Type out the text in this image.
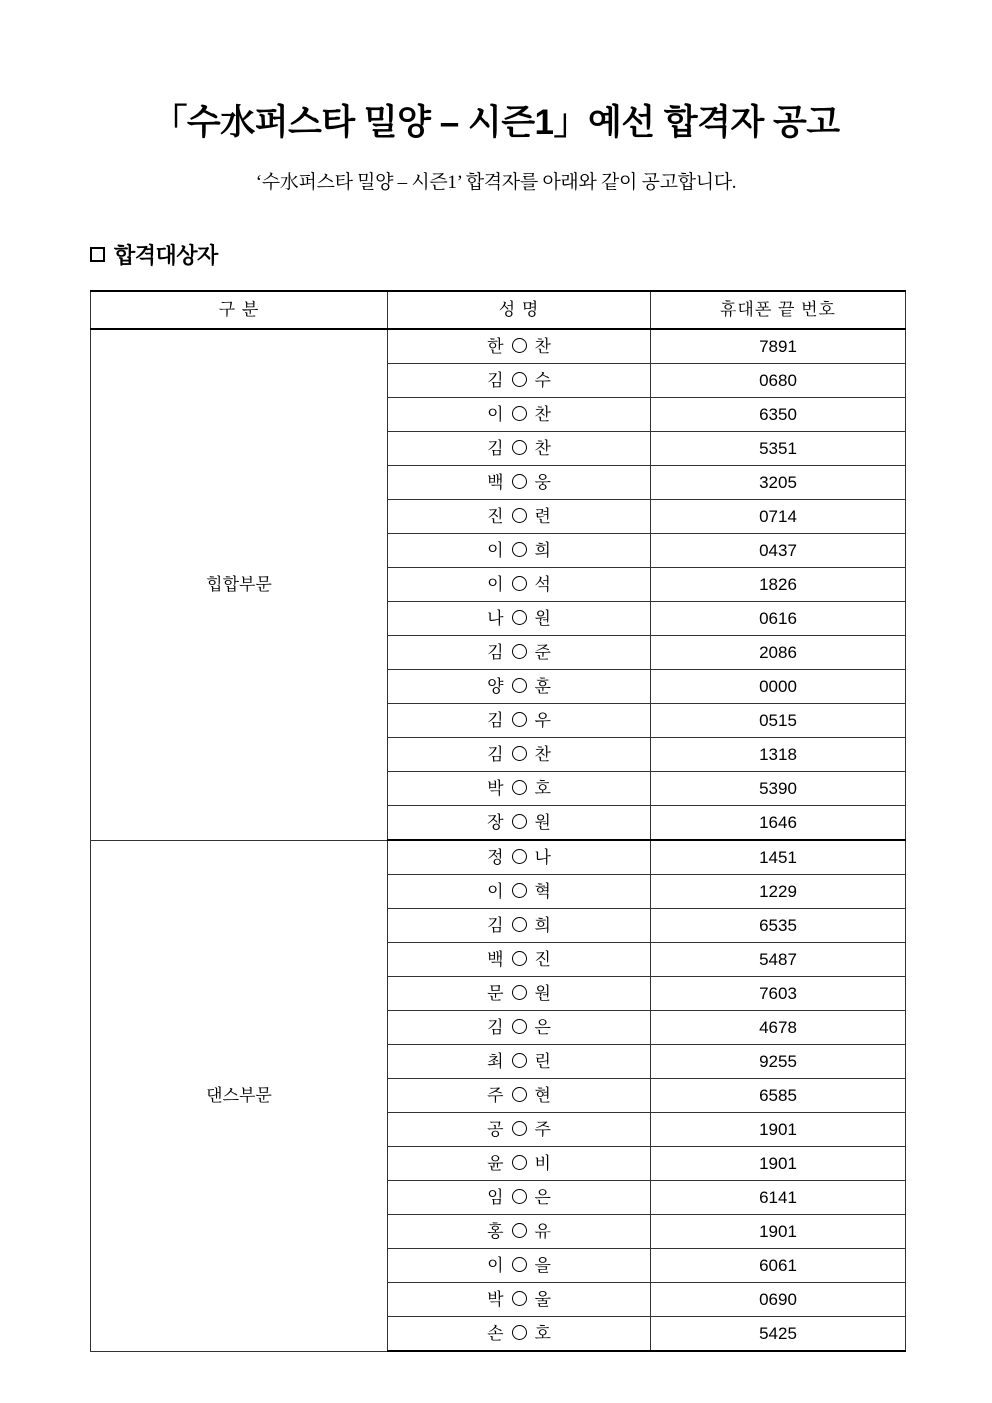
「수水퍼스타 밀양 – 시즌1」예선 합격자 공고

‘수水퍼스타 밀양 – 시즌1’ 합격자를 아래와 같이 공고합니다.

합격대상자
구 분	성 명	휴대폰 끝 번호
힙합부문	한 찬	7891

	김 수	0680

	이 찬	6350

	김 찬	5351

	백 웅	3205

	진 련	0714

	이 희	0437

	이 석	1826

	나 원	0616

	김 준	2086

	양 훈	0000

	김 우	0515

	김 찬	1318

	박 호	5390

	장 원	1646
댄스부문	정 나	1451

	이 혁	1229

	김 희	6535

	백 진	5487

	문 원	7603

	김 은	4678

	최 린	9255

	주 현	6585

	공 주	1901

	윤 비	1901

	임 은	6141

	홍 유	1901

	이 을	6061

	박 울	0690

	손 호	5425
